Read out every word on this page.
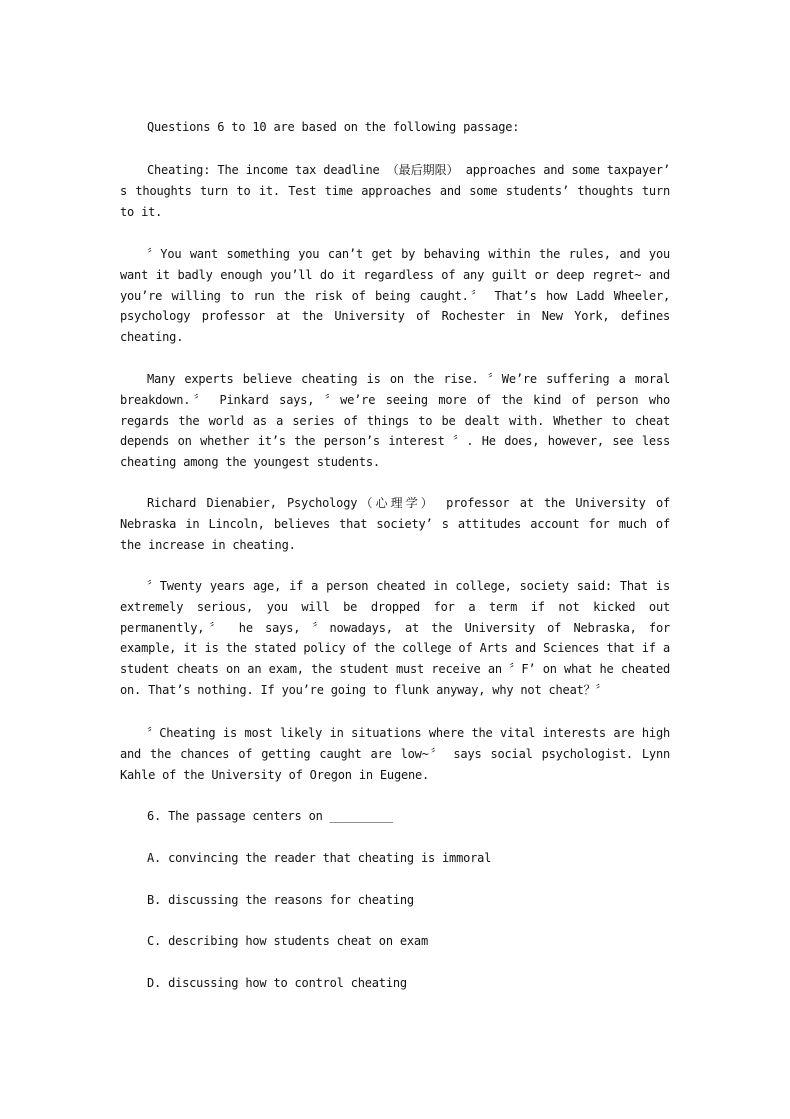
Questions 6 to 10 are based on the following passage:

Cheating: The income tax deadline （最后期限） approaches and some taxpayer’ s thoughts turn to it. Test time approaches and some students’ thoughts turn to it.

〞You want something you can’t get by behaving within the rules, and you want it badly enough you’ll do it regardless of any guilt or deep regret~ and you’re willing to run the risk of being caught.〞 That’s how Ladd Wheeler, psychology professor at the University of Rochester in New York, defines cheating.

Many experts believe cheating is on the rise. 〞We’re suffering a moral breakdown.〞 Pinkard says, 〞we’re seeing more of the kind of person who regards the world as a series of things to be dealt with. Whether to cheat depends on whether it’s the person’s interest 〞. He does, however, see less cheating among the youngest students.

Richard Dienabier, Psychology（心理学） professor at the University of Nebraska in Lincoln, believes that society’ s attitudes account for much of the increase in cheating.

〞Twenty years age, if a person cheated in college, society said: That is extremely serious, you will be dropped for a term if not kicked out permanently,〞 he says, 〞nowadays, at the University of Nebraska, for example, it is the stated policy of the college of Arts and Sciences that if a student cheats on an exam, the student must receive an 〞F’ on what he cheated on. That’s nothing. If you’re going to flunk anyway, why not cheat？〞

〞Cheating is most likely in situations where the vital interests are high and the chances of getting caught are low~〞 says social psychologist. Lynn Kahle of the University of Oregon in Eugene.

6. The passage centers on _________

A. convincing the reader that cheating is immoral

B. discussing the reasons for cheating

C. describing how students cheat on exam

D. discussing how to control cheating
